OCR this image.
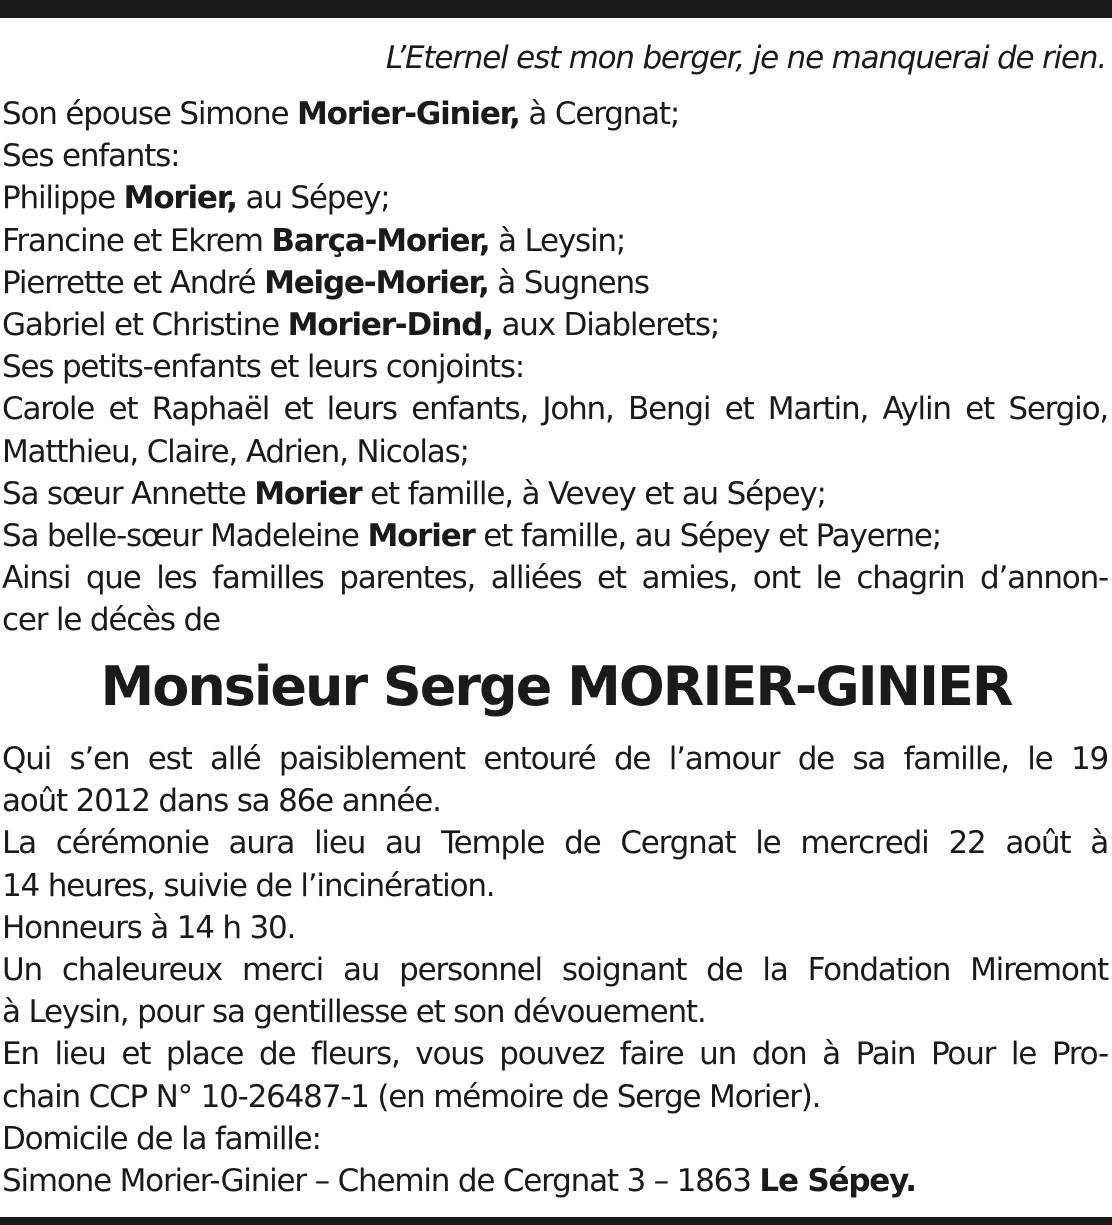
L’Eternel est mon berger, je ne manquerai de rien.
Son épouse Simone Morier-Ginier, à Cergnat;
Ses enfants:
Philippe Morier, au Sépey;
Francine et Ekrem Barça-Morier, à Leysin;
Pierrette et André Meige-Morier, à Sugnens
Gabriel et Christine Morier-Dind, aux Diablerets;
Ses petits-enfants et leurs conjoints:
Carole et Raphaël et leurs enfants, John, Bengi et Martin, Aylin et Sergio,
Matthieu, Claire, Adrien, Nicolas;
Sa sœur Annette Morier et famille, à Vevey et au Sépey;
Sa belle-sœur Madeleine Morier et famille, au Sépey et Payerne;
Ainsi que les familles parentes, alliées et amies, ont le chagrin d’annon-
cer le décès de
Monsieur Serge MORIER-GINIER
Qui s’en est allé paisiblement entouré de l’amour de sa famille, le 19
août 2012 dans sa 86e année.
La cérémonie aura lieu au Temple de Cergnat le mercredi 22 août à
14 heures, suivie de l’incinération.
Honneurs à 14 h 30.
Un chaleureux merci au personnel soignant de la Fondation Miremont
à Leysin, pour sa gentillesse et son dévouement.
En lieu et place de fleurs, vous pouvez faire un don à Pain Pour le Pro-
chain CCP N° 10-26487-1 (en mémoire de Serge Morier).
Domicile de la famille:
Simone Morier-Ginier – Chemin de Cergnat 3 – 1863 Le Sépey.
